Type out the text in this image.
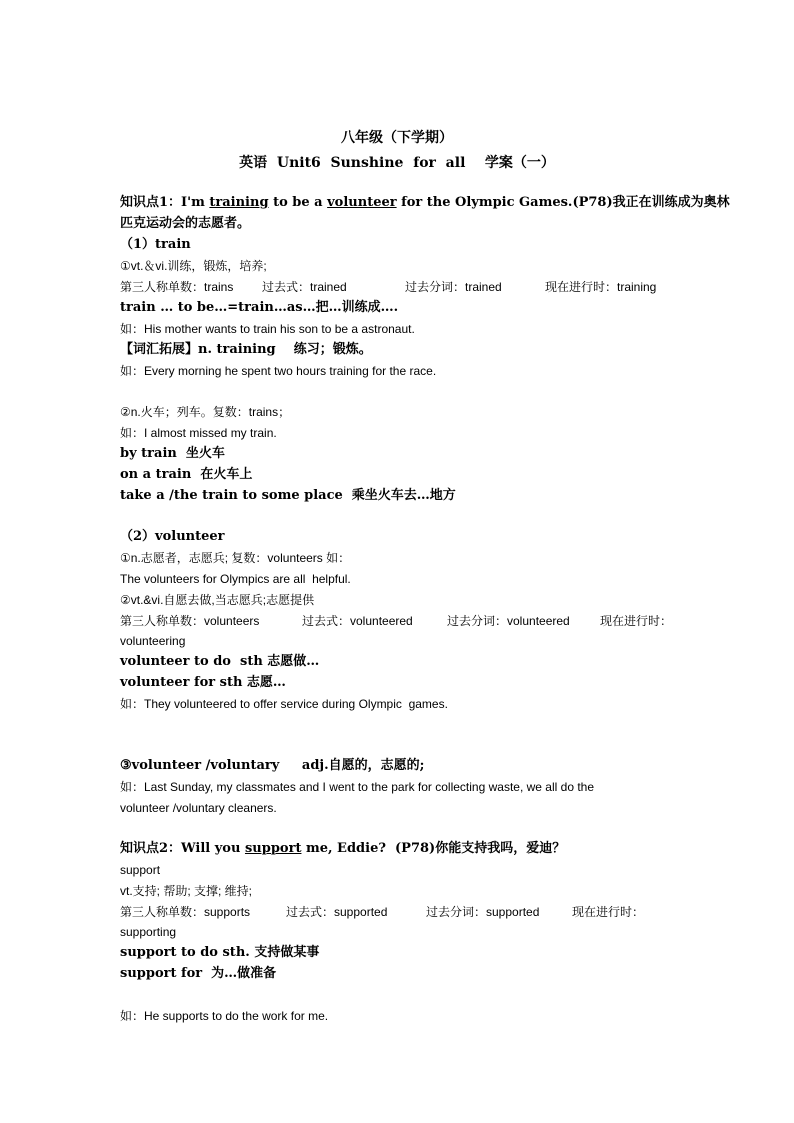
八年级（下学期）
英语  Unit6  Sunshine  for  all    学案（一）
知识点1：I'm training to be a volunteer for the Olympic Games.(P78)我正在训练成为奥林
匹克运动会的志愿者。
（1）train
①vt.＆vi.训练，锻炼，培养;
第三人称单数：trains 过去式：trained	过去分词：trained	现在进行时：training
train … to be…=train…as…把…训练成….
如：His mother wants to train his son to be a astronaut.
【词汇拓展】n. training    练习；锻炼。
如：Every morning he spent two hours training for the race.
②n.火车；列车。复数：trains；
如：I almost missed my train.
by train  坐火车
on a train  在火车上
take a /the train to some place  乘坐火车去…地方
（2）volunteer
①n.志愿者，志愿兵; 复数：volunteers 如：
The volunteers for Olympics are all  helpful.
②vt.&vi.自愿去做,当志愿兵;志愿提供
第三人称单数：volunteers	过去式：volunteered	过去分词：volunteered	现在进行时：
volunteering
volunteer to do  sth 志愿做…
volunteer for sth 志愿…
如：They volunteered to offer service during Olympic  games.
③volunteer /voluntary     adj.自愿的，志愿的;
如：Last Sunday, my classmates and I went to the park for collecting waste, we all do the
volunteer /voluntary cleaners.
知识点2：Will you support me, Eddie?  (P78)你能支持我吗，爱迪？
support
vt.支持; 帮助; 支撑; 维持;
第三人称单数：supports	过去式：supported	过去分词：supported	现在进行时：
supporting
support to do sth. 支持做某事
support for  为…做准备
如：He supports to do the work for me.
